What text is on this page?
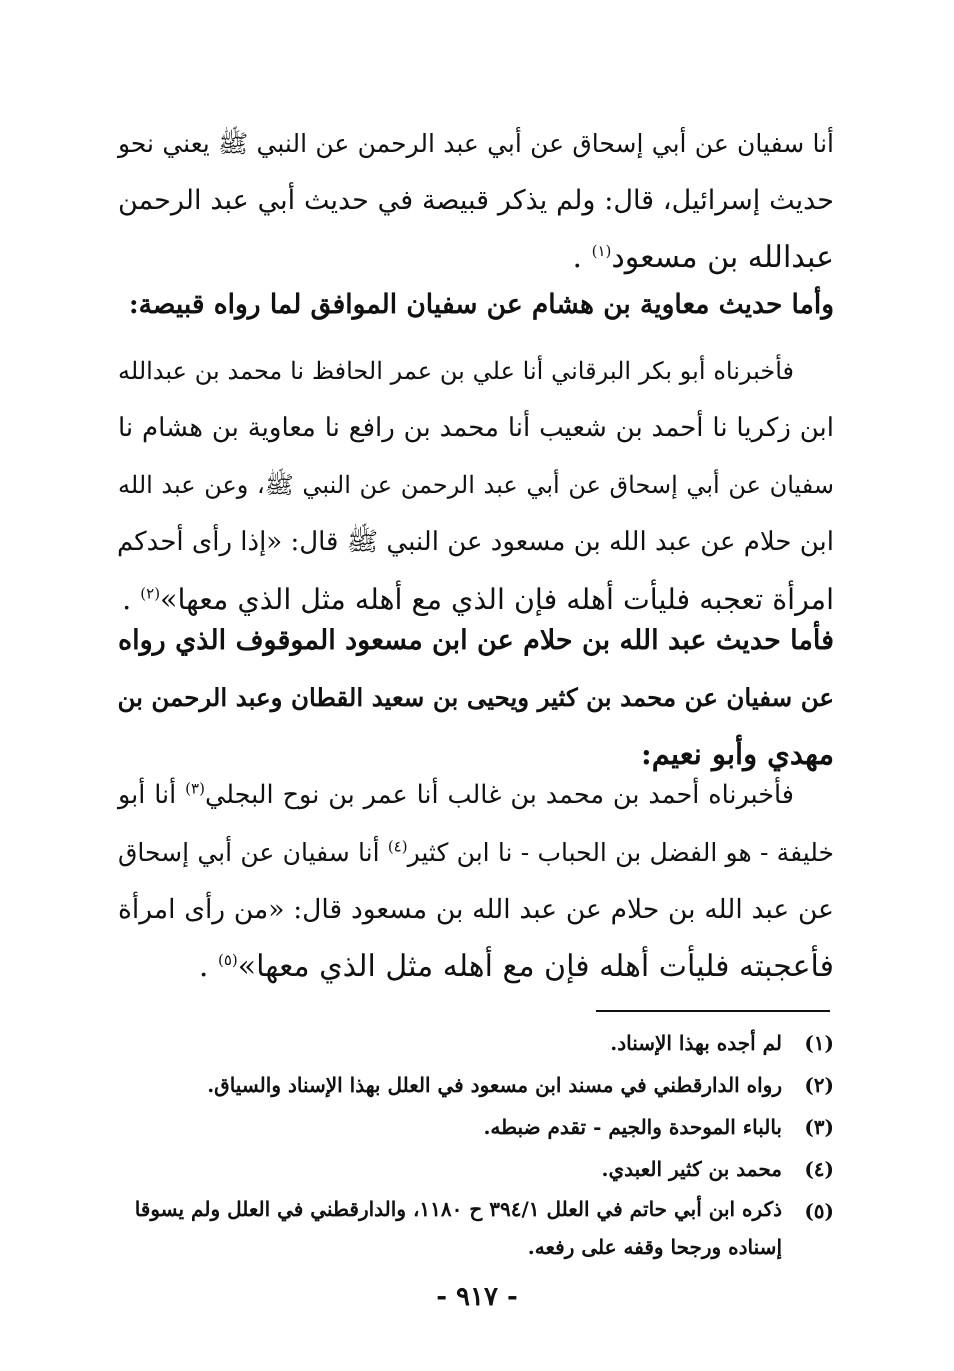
أنا سفيان عن أبي إسحاق عن أبي عبد الرحمن عن النبي ﷺ يعني نحو
حديث إسرائيل، قال: ولم يذكر قبيصة في حديث أبي عبد الرحمن
عبدالله بن مسعود$^{(١)}$ .
وأما حديث معاوية بن هشام عن سفيان الموافق لما رواه قبيصة:
فأخبرناه أبو بكر البرقاني أنا علي بن عمر الحافظ نا محمد بن عبدالله
ابن زكريا نا أحمد بن شعيب أنا محمد بن رافع نا معاوية بن هشام نا
سفيان عن أبي إسحاق عن أبي عبد الرحمن عن النبي ﷺ، وعن عبد الله
ابن حلام عن عبد الله بن مسعود عن النبي ﷺ قال: «إذا رأى أحدكم
امرأة تعجبه فليأت أهله فإن الذي مع أهله مثل الذي معها»$^{(٢)}$ .
فأما حديث عبد الله بن حلام عن ابن مسعود الموقوف الذي رواه
عن سفيان عن محمد بن كثير ويحيى بن سعيد القطان وعبد الرحمن بن
مهدي وأبو نعيم:
فأخبرناه أحمد بن محمد بن غالب أنا عمر بن نوح البجلي$^{(٣)}$ أنا أبو
خليفة - هو الفضل بن الحباب - نا ابن كثير$^{(٤)}$ أنا سفيان عن أبي إسحاق
عن عبد الله بن حلام عن عبد الله بن مسعود قال: «من رأى امرأة
فأعجبته فليأت أهله فإن مع أهله مثل الذي معها»$^{(٥)}$ .
(١)
لم أجده بهذا الإسناد.
(٢)
رواه الدارقطني في مسند ابن مسعود في العلل بهذا الإسناد والسياق.
(٣)
بالباء الموحدة والجيم - تقدم ضبطه.
(٤)
محمد بن كثير العبدي.
(٥)
ذكره ابن أبي حاتم في العلل ٣٩٤/١ ح ١١٨٠، والدارقطني في العلل ولم يسوقا
إسناده ورجحا وقفه على رفعه.
- ٩١٧ -
